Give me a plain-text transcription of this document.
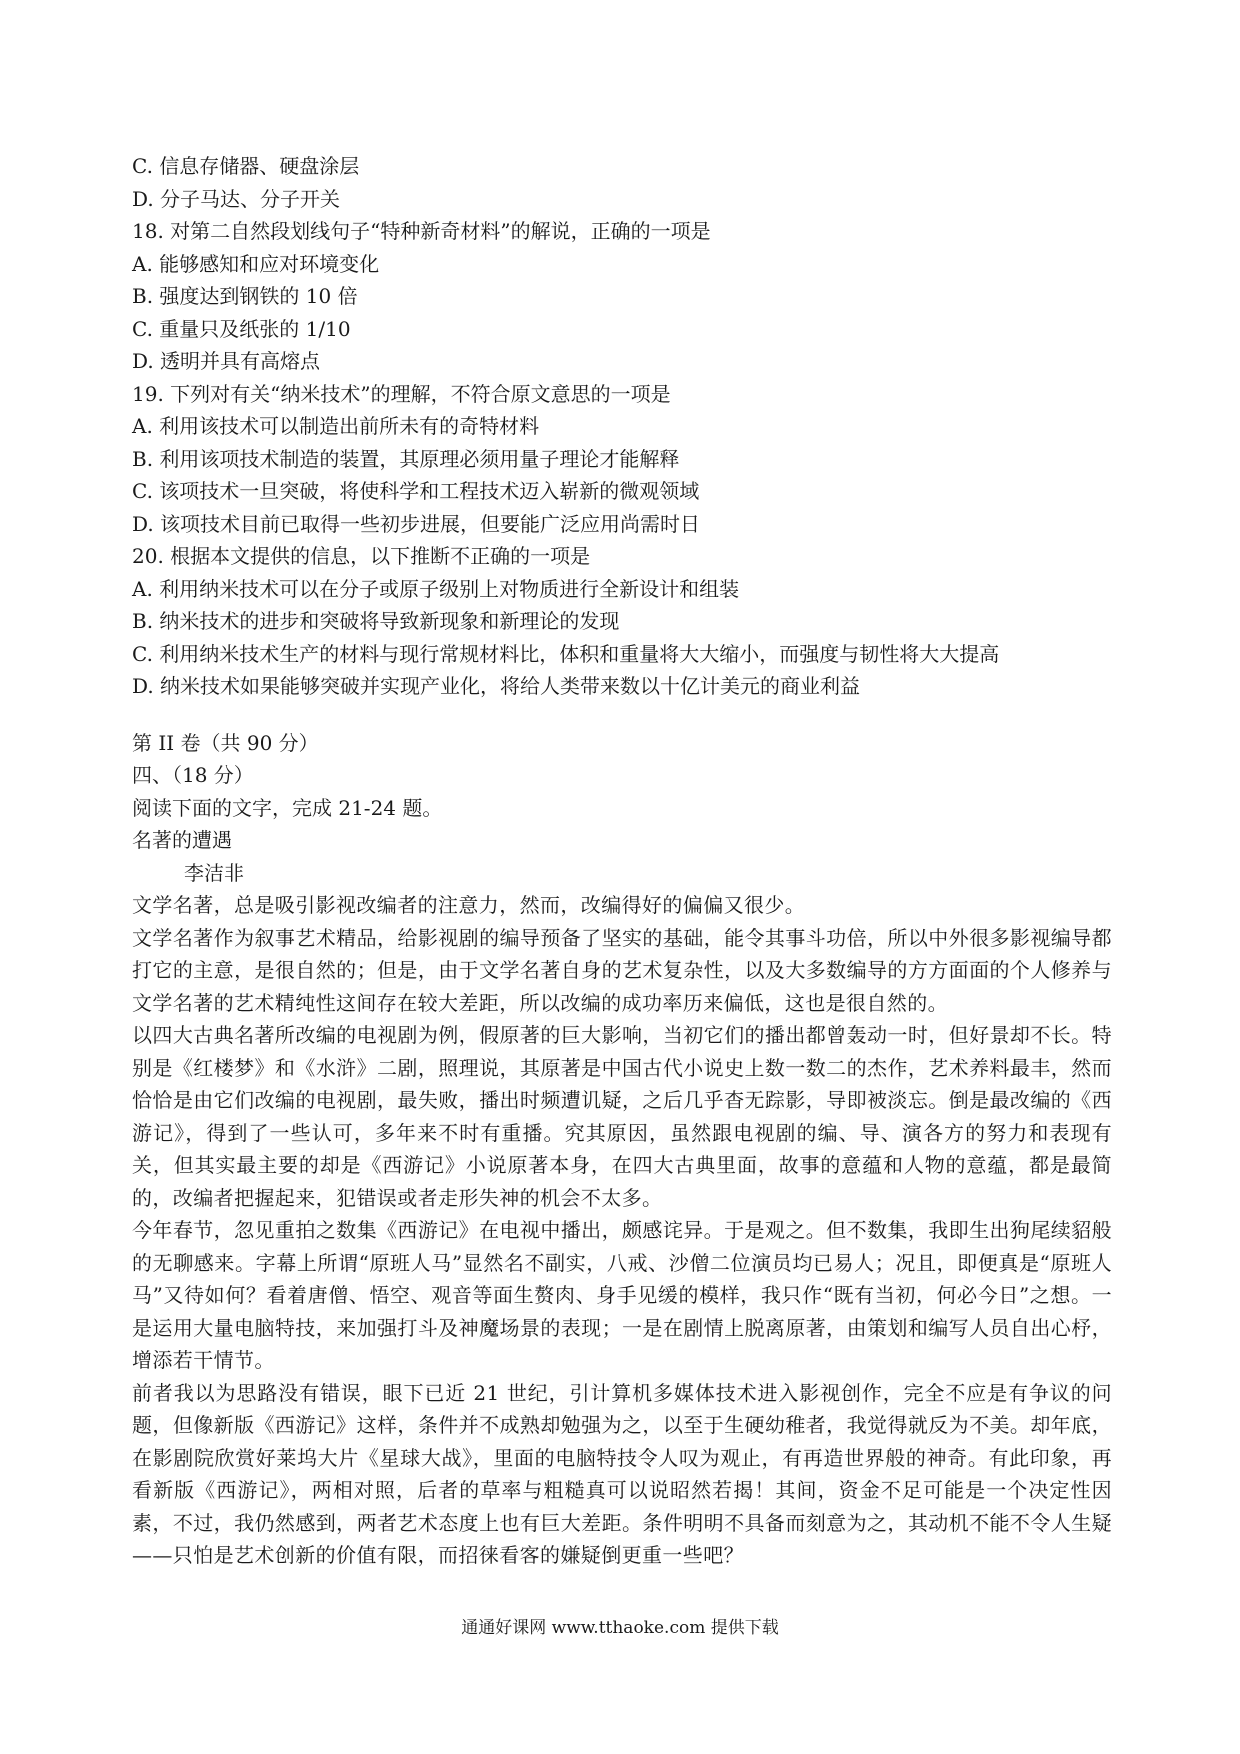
C. 信息存储器、硬盘涂层
D. 分子马达、分子开关
18. 对第二自然段划线句子“特种新奇材料”的解说，正确的一项是
A. 能够感知和应对环境变化
B. 强度达到钢铁的 10 倍
C. 重量只及纸张的 1/10
D. 透明并具有高熔点
19. 下列对有关“纳米技术”的理解，不符合原文意思的一项是
A. 利用该技术可以制造出前所未有的奇特材料
B. 利用该项技术制造的装置，其原理必须用量子理论才能解释
C. 该项技术一旦突破，将使科学和工程技术迈入崭新的微观领域
D. 该项技术目前已取得一些初步进展，但要能广泛应用尚需时日
20. 根据本文提供的信息，以下推断不正确的一项是
A. 利用纳米技术可以在分子或原子级别上对物质进行全新设计和组装
B. 纳米技术的进步和突破将导致新现象和新理论的发现
C. 利用纳米技术生产的材料与现行常规材料比，体积和重量将大大缩小，而强度与韧性将大大提高
D. 纳米技术如果能够突破并实现产业化，将给人类带来数以十亿计美元的商业利益
第 II 卷（共 90 分）
四、（18 分）
阅读下面的文字，完成 21-24 题。
名著的遭遇
李洁非

文学名著，总是吸引影视改编者的注意力，然而，改编得好的偏偏又很少。

文学名著作为叙事艺术精品，给影视剧的编导预备了坚实的基础，能令其事斗功倍，所以中外很多影视编导都打它的主意，是很自然的；但是，由于文学名著自身的艺术复杂性，以及大多数编导的方方面面的个人修养与文学名著的艺术精纯性这间存在较大差距，所以改编的成功率历来偏低，这也是很自然的。

以四大古典名著所改编的电视剧为例，假原著的巨大影响，当初它们的播出都曾轰动一时，但好景却不长。特别是《红楼梦》和《水浒》二剧，照理说，其原著是中国古代小说史上数一数二的杰作，艺术养料最丰，然而恰恰是由它们改编的电视剧，最失败，播出时频遭讥疑，之后几乎杳无踪影，导即被淡忘。倒是最改编的《西游记》，得到了一些认可，多年来不时有重播。究其原因，虽然跟电视剧的编、导、演各方的努力和表现有关，但其实最主要的却是《西游记》小说原著本身，在四大古典里面，故事的意蕴和人物的意蕴，都是最简的，改编者把握起来，犯错误或者走形失神的机会不太多。

今年春节，忽见重拍之数集《西游记》在电视中播出，颇感诧异。于是观之。但不数集，我即生出狗尾续貂般的无聊感来。字幕上所谓“原班人马”显然名不副实，八戒、沙僧二位演员均已易人；况且，即便真是“原班人马”又待如何？看着唐僧、悟空、观音等面生赘肉、身手见缓的模样，我只作“既有当初，何必今日”之想。一是运用大量电脑特技，来加强打斗及神魔场景的表现；一是在剧情上脱离原著，由策划和编写人员自出心杼，增添若干情节。

前者我以为思路没有错误，眼下已近 21 世纪，引计算机多媒体技术进入影视创作，完全不应是有争议的问题，但像新版《西游记》这样，条件并不成熟却勉强为之，以至于生硬幼稚者，我觉得就反为不美。却年底，在影剧院欣赏好莱坞大片《星球大战》，里面的电脑特技令人叹为观止，有再造世界般的神奇。有此印象，再看新版《西游记》，两相对照，后者的草率与粗糙真可以说昭然若揭！其间，资金不足可能是一个决定性因素，不过，我仍然感到，两者艺术态度上也有巨大差距。条件明明不具备而刻意为之，其动机不能不令人生疑——只怕是艺术创新的价值有限，而招徕看客的嫌疑倒更重一些吧？

通通好课网 www.tthaoke.com 提供下载
